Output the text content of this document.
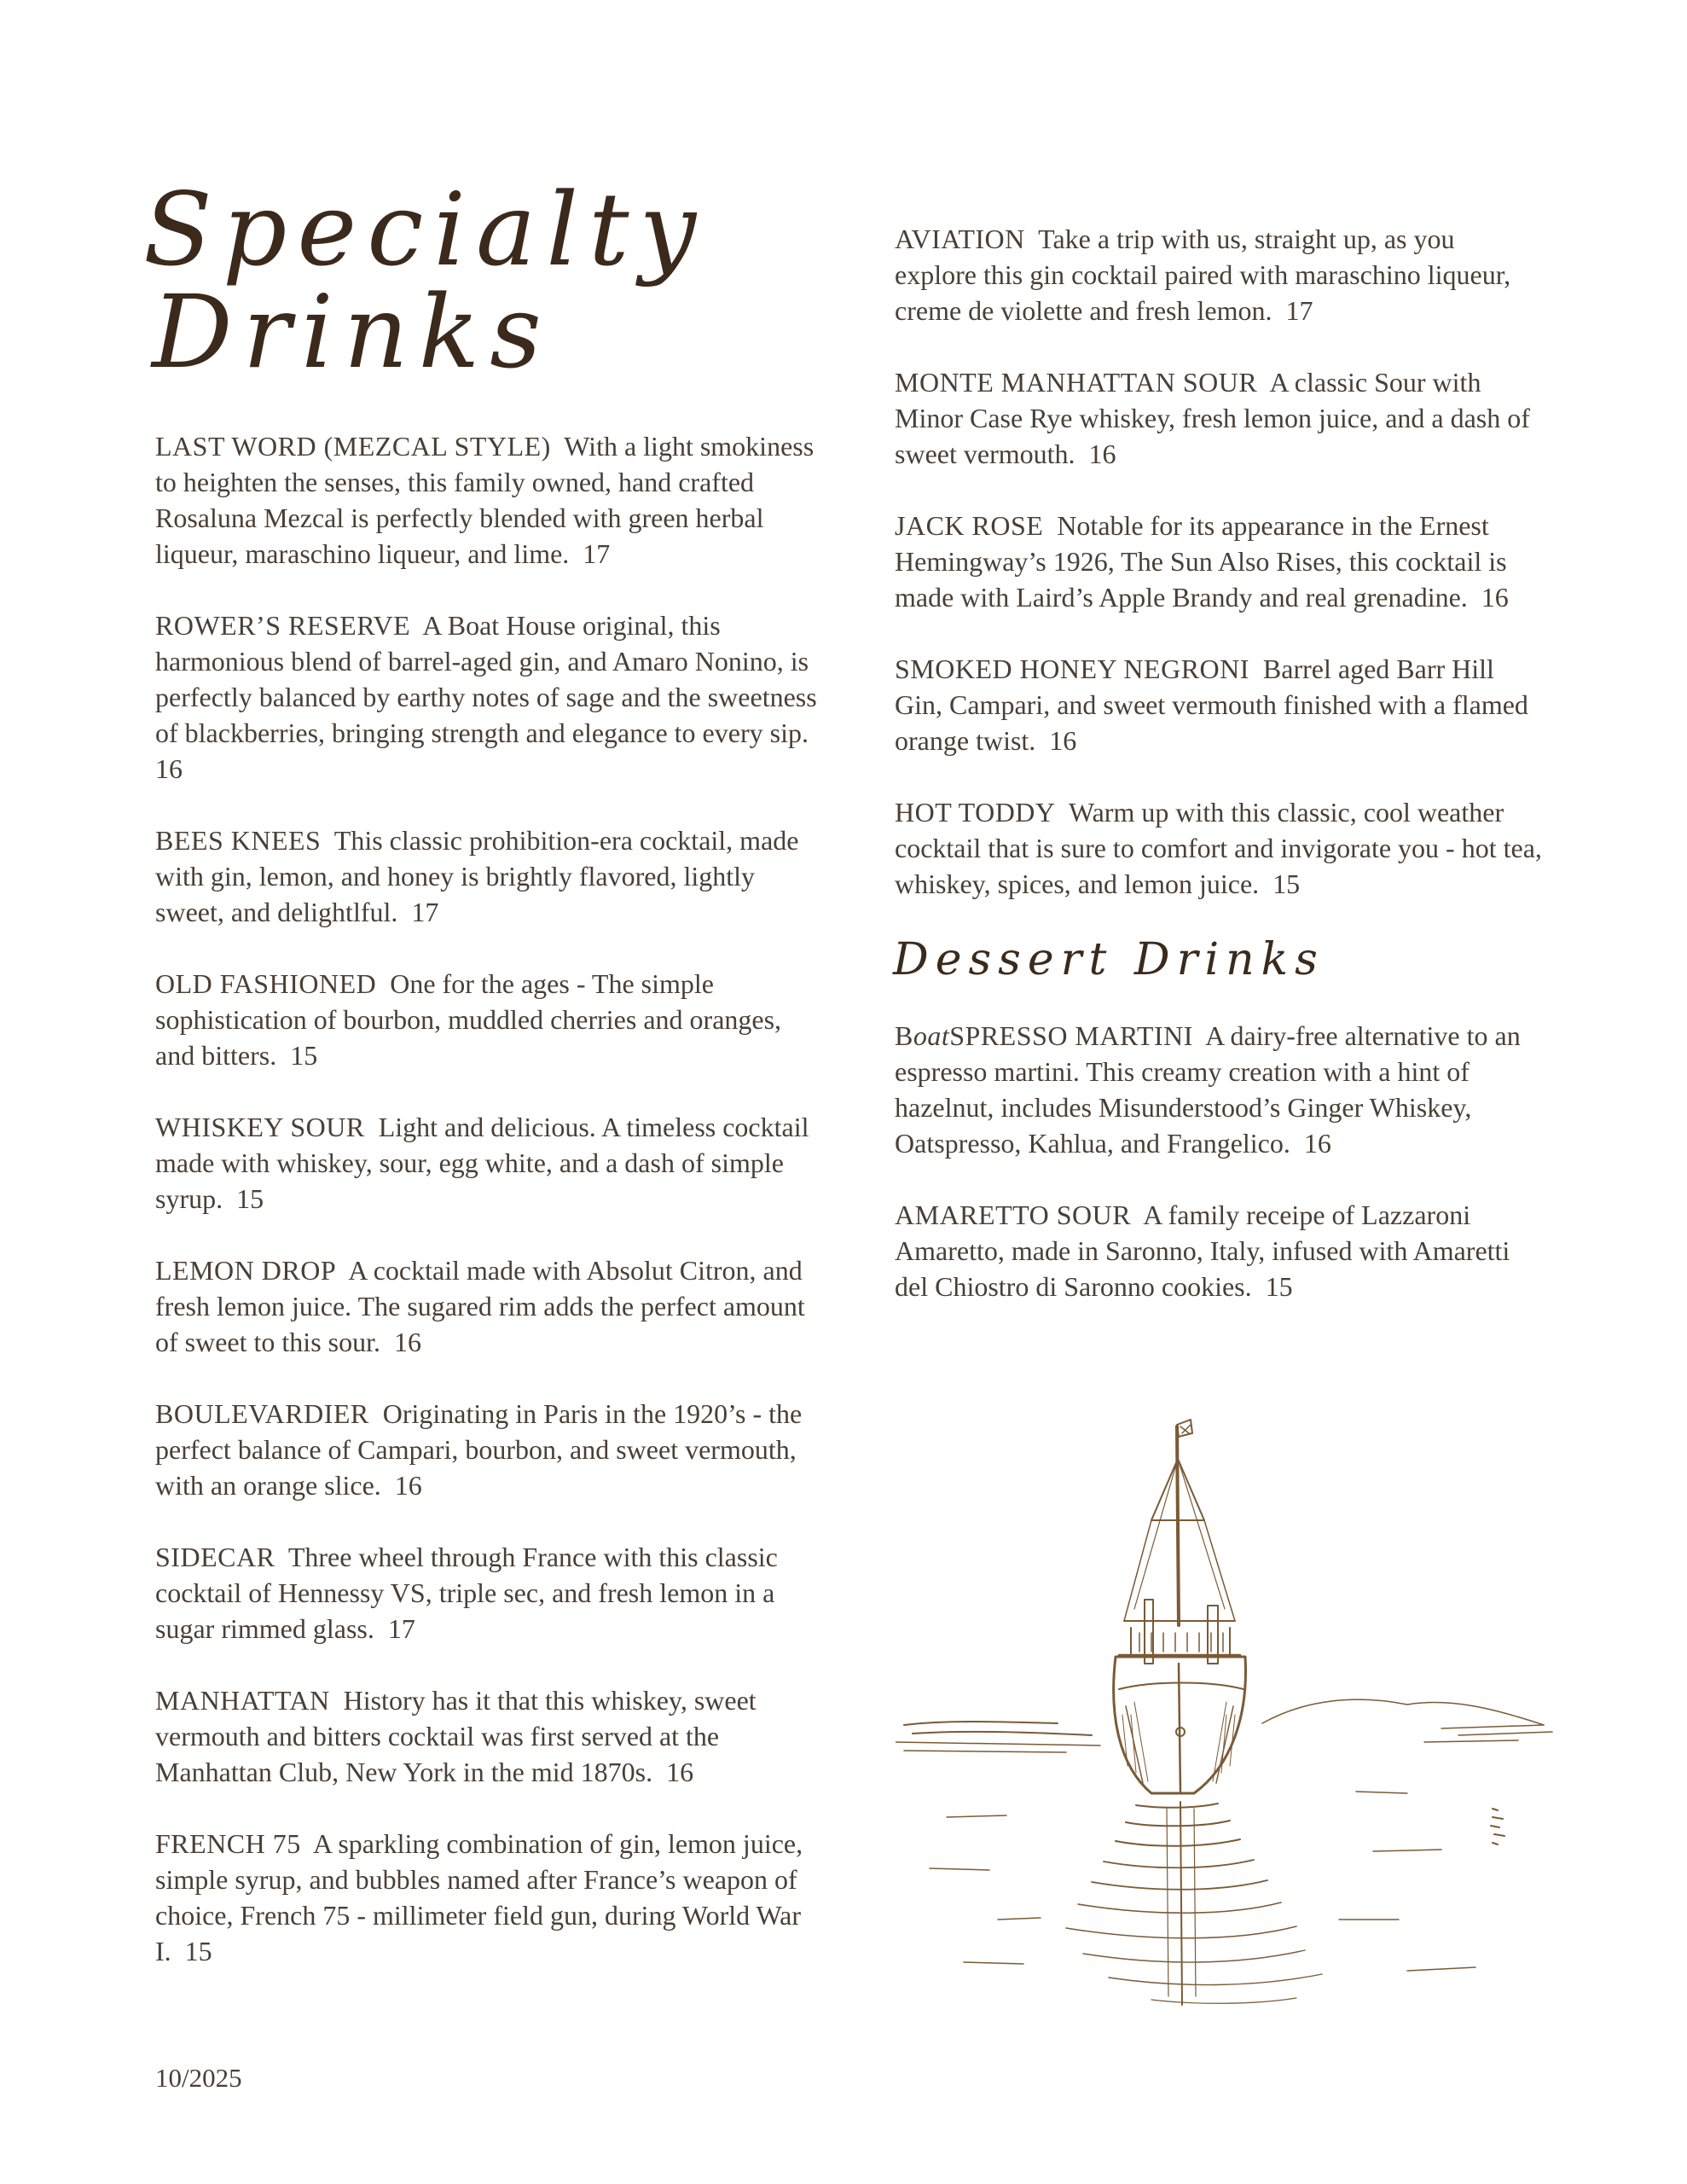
Specialty
Drinks

LAST WORD (MEZCAL STYLE) With a light smokiness to heighten the senses, this family owned, hand crafted Rosaluna Mezcal is perfectly blended with green herbal liqueur, maraschino liqueur, and lime. 17

ROWER’S RESERVE A Boat House original, this harmonious blend of barrel-aged gin, and Amaro Nonino, is perfectly balanced by earthy notes of sage and the sweetness of blackberries, bringing strength and elegance to every sip.  16

BEES KNEES This classic prohibition-era cocktail, made with gin, lemon, and honey is brightly flavored, lightly sweet, and delightlful. 17

OLD FASHIONED One for the ages - The simple sophistication of bourbon, muddled cherries and oranges, and bitters. 15

WHISKEY SOUR Light and delicious. A timeless cocktail made with whiskey, sour, egg white, and a dash of simple syrup. 15

LEMON DROP A cocktail made with Absolut Citron, and fresh lemon juice. The sugared rim adds the perfect amount of sweet to this sour. 16

BOULEVARDIER Originating in Paris in the 1920’s - the perfect balance of Campari, bourbon, and sweet vermouth, with an orange slice. 16

SIDECAR Three wheel through France with this classic cocktail of Hennessy VS, triple sec, and fresh lemon in a sugar rimmed glass. 17

MANHATTAN History has it that this whiskey, sweet vermouth and bitters cocktail was first served at the Manhattan Club, New York in the mid 1870s. 16

FRENCH 75 A sparkling combination of gin, lemon juice, simple syrup, and bubbles named after France’s weapon of choice, French 75 - millimeter field gun, during World War I. 15

AVIATION Take a trip with us, straight up, as you explore this gin cocktail paired with maraschino liqueur, creme de violette and fresh lemon. 17

MONTE MANHATTAN SOUR A classic Sour with Minor Case Rye whiskey, fresh lemon juice, and a dash of sweet vermouth. 16

JACK ROSE Notable for its appearance in the Ernest Hemingway’s 1926, The Sun Also Rises, this cocktail is made with Laird’s Apple Brandy and real grenadine. 16

SMOKED HONEY NEGRONI Barrel aged Barr Hill Gin, Campari, and sweet vermouth finished with a flamed orange twist. 16

HOT TODDY Warm up with this classic, cool weather cocktail that is sure to comfort and invigorate you - hot tea, whiskey, spices, and lemon juice. 15

Dessert Drinks

BoatSPRESSO MARTINI A dairy-free alternative to an espresso martini. This creamy creation with a hint of hazelnut, includes Misunderstood’s Ginger Whiskey, Oatspresso, Kahlua, and Frangelico. 16

AMARETTO SOUR A family receipe of Lazzaroni Amaretto, made in Saronno, Italy, infused with Amaretti del Chiostro di Saronno cookies. 15

10/2025
